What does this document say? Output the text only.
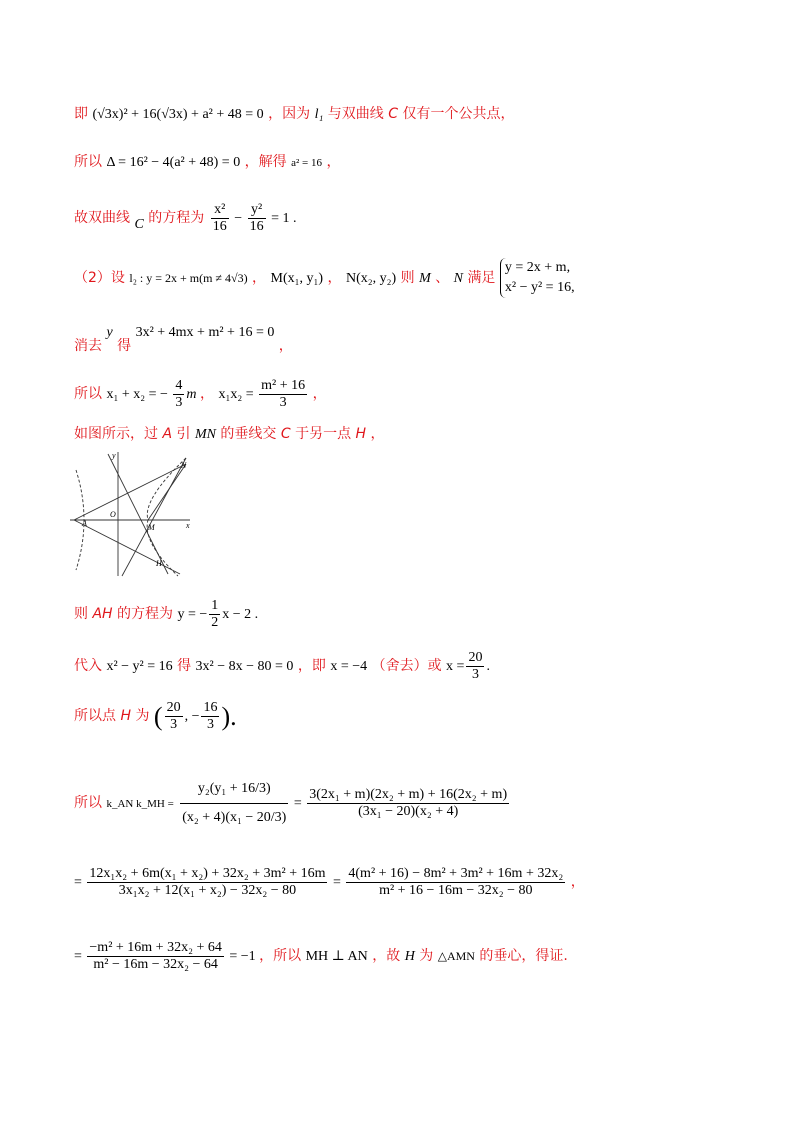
即 (√3x)² + 16(√3x) + a² + 48 = 0 ，因为 l₁ 与双曲线 C 仅有一个公共点，
所以 Δ = 16² − 4(a² + 48) = 0 ，解得 a² = 16 ，
故双曲线 C 的方程为 $\frac{\text{x²}}{16} - \frac{\text{y²}}{16} = 1$ .
（2）设 l₂ : y = 2x + m(m ≠ 4√3) ， M(x₁, y₁) ， N(x₂, y₂) 则 M 、 N 满足
y = 2x + m,
x² − y² = 16,
消去 y 得 3x² + 4mx + m² + 16 = 0 ，
所以 x₁ + x₂ = − $\frac{4}{3}$ m ， $x_1x_2 = \frac{\text{m² + 16}}{3}$ ，
如图所示，过 A 引 MN 的垂线交 C 于另一点 H ，
y
x
N
A
O
M
H
则 AH 的方程为 y = − $\frac{1}{2}$ x − 2 .
代入 x² − y² = 16 得 3x² − 8x − 80 = 0 ，即 x = −4 （舍去）或 $x = \frac{20}{3}$ .
所以点 H 为 ( $\frac{20}{3}$ , − $\frac{16}{3}$ ).
所以 k_AN k_MH = $\frac{\text{y₂(y₁ + 16/3)}}{\text{(x₂ + 4)(x₁ − 20/3)}} = \frac{\text{3(2x₁ + m)(2x₂ + m) + 16(2x₂ + m)}}{\text{(3x₁ − 20)(x₂ + 4)}}$
= $\frac{\text{12x₁x₂ + 6m(x₁ + x₂) + 32x₂ + 3m² + 16m}}{\text{3x₁x₂ + 12(x₁ + x₂) − 32x₂ − 80}} = \frac{\text{4(m² + 16) − 8m² + 3m² + 16m + 32x₂}}{\text{m² + 16 − 16m − 32x₂ − 80}}$ ，
= $\frac{\text{−m² + 16m + 32x₂ + 64}}{\text{m² − 16m − 32x₂ − 64}} = -1$ ，所以 MH ⊥ AN ，故 H 为 △AMN 的垂心，得证.
